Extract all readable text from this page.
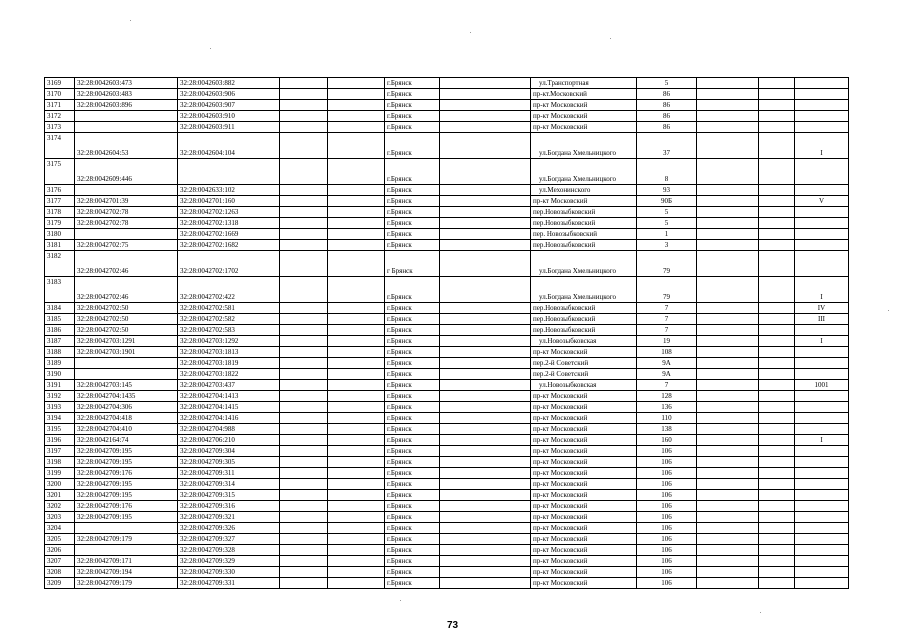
3169	32:28:0042603:473	32:28:0042603:882			г.Брянск		ул.Транспортная	5			
3170	32:28:0042603:483	32:28:0042603:906			г.Брянск		пр-кт.Московский	86			
3171	32:28:0042603:896	32:28:0042603:907			г.Брянск		пр-кт Московский	86			
3172		32:28:0042603:910			г.Брянск		пр-кт Московский	86			
3173		32:28:0042603:911			г.Брянск		пр-кт Московский	86			
3174	32:28:0042604:53	32:28:0042604:104			г.Брянск		ул.Богдана Хмельницкого	37			I
3175	32:28:0042609:446				г.Брянск		ул.Богдана Хмельницкого	8			
3176		32:28:0042633:102			г.Брянск		ул.Мехонинского	93			
3177	32:28:0042701:39	32:28:0042701:160			г.Брянск		пр-кт Московский	90Б			V
3178	32:28:0042702:78	32:28:0042702:1263			г.Брянск		пер.Новозыбковский	5			
3179	32:28:0042702:78	32:28:0042702:1318			г.Брянск		пер.Новозыбковский	5			
3180		32:28:0042702:1669			г.Брянск		пер. Новозыбковский	1			
3181	32:28:0042702:75	32:28:0042702:1682			г.Брянск		пер.Новозыбковский	3			
3182	32:28:0042702:46	32:28:0042702:1702			г Брянск		ул.Богдана Хмельницкого	79			
3183	32:28:0042702:46	32:28:0042702:422			г.Брянск		ул.Богдана Хмельницкого	79			I
3184	32:28:0042702:50	32:28:0042702:581			г.Брянск		пер.Новозыбковский	7			IV
3185	32:28:0042702:50	32:28:0042702:582			г.Брянск		пер.Новозыбковский	7			III
3186	32:28:0042702:50	32:28:0042702:583			г.Брянск		пер.Новозыбковский	7			
3187	32:28:0042703:1291	32:28:0042703:1292			г.Брянск		ул.Новозыбковская	19			I
3188	32:28:0042703:1901	32:28:0042703:1813			г.Брянск		пр-кт Московский	108			
3189		32:28:0042703:1819			г.Брянск		пер.2-й Советский	9А			
3190		32:28:0042703:1822			г.Брянск		пер.2-й Советский	9А			
3191	32:28:0042703:145	32:28:0042703:437			г.Брянск		ул.Новозыбковская	7			1001
3192	32:28:0042704:1435	32:28:0042704:1413			г.Брянск		пр-кт Московский	128			
3193	32:28:0042704:306	32:28:0042704:1415			г.Брянск		пр-кт Московский	136			
3194	32:28:0042704:418	32:28:0042704:1416			г.Брянск		пр-кт Московский	110			
3195	32:28:0042704:410	32:28:0042704:988			г.Брянск		пр-кт Московский	138			
3196	32:28:0042164:74	32:28:0042706:210			г.Брянск		пр-кт Московский	160			I
3197	32:28:0042709:195	32:28:0042709:304			г.Брянск		пр-кт Московский	106			
3198	32:28:0042709:195	32:28:0042709:305			г.Брянск		пр-кт Московский	106			
3199	32:28:0042709:176	32:28:0042709:311			г.Брянск		пр-кт Московский	106			
3200	32:28:0042709:195	32:28:0042709:314			г.Брянск		пр-кт Московский	106			
3201	32:28:0042709:195	32:28:0042709:315			г.Брянск		пр-кт Московский	106			
3202	32:28:0042709:176	32:28:0042709:316			г.Брянск		пр-кт Московский	106			
3203	32:28:0042709:195	32:28:0042709:321			г.Брянск		пр-кт Московский	106			
3204		32:28:0042709:326			г.Брянск		пр-кт Московский	106			
3205	32:28:0042709:179	32:28:0042709:327			г.Брянск		пр-кт Московский	106			
3206		32:28:0042709:328			г.Брянск		пр-кт Московский	106			
3207	32:28:0042709:171	32:28:0042709:329			г.Брянск		пр-кт Московский	106			
3208	32:28:0042709:194	32:28:0042709:330			г.Брянск		пр-кт Московский	106			
3209	32:28:0042709:179	32:28:0042709:331			г.Брянск		пр-кт Московский	106			
73
